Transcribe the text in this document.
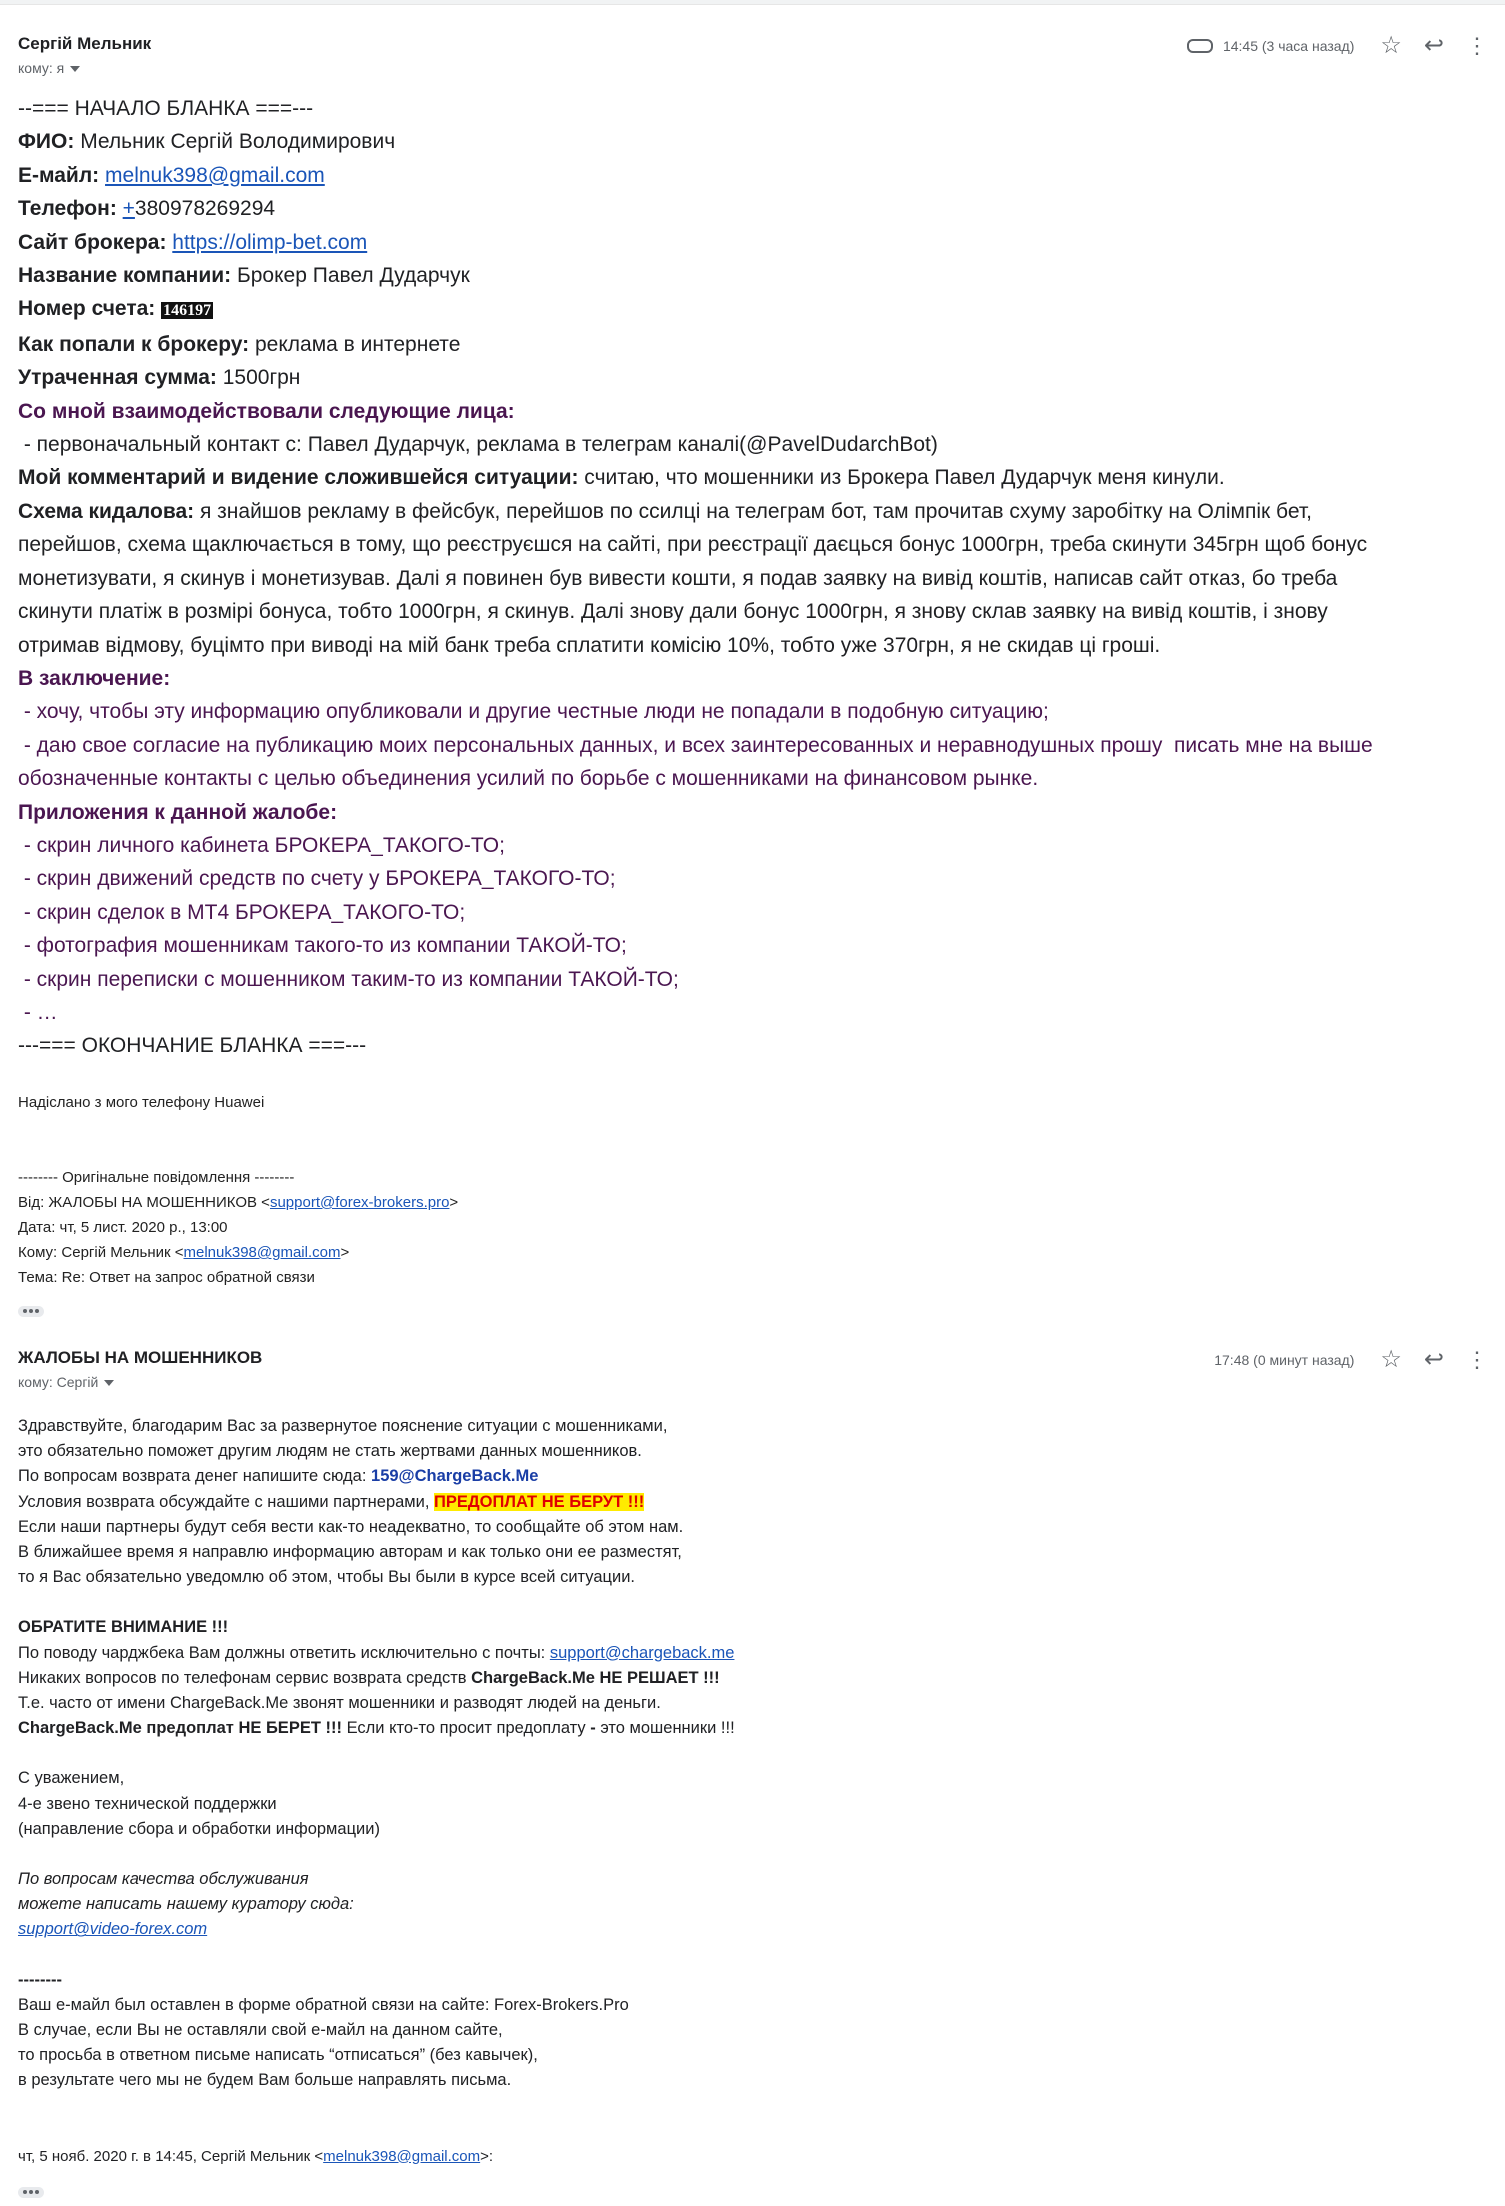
Сергій Мельник
кому: я
14:45 (3 часа назад) ☆ ↩ ⋮
--=== НАЧАЛО БЛАНКА ===---
ФИО: Мельник Сергій Володимирович
Е-майл: melnuk398@gmail.com
Телефон: +380978269294
Сайт брокера: https://olimp-bet.com
Название компании: Брокер Павел Дударчук
Номер счета: 146197
Как попали к брокеру: реклама в интернете
Утраченная сумма: 1500грн
Со мной взаимодействовали следующие лица:
- первоначальный контакт с: Павел Дударчук, реклама в телеграм каналі(@PavelDudarchBot)
Мой комментарий и видение сложившейся ситуации: считаю, что мошенники из Брокера Павел Дударчук меня кинули.
Схема кидалова: я знайшов рекламу в фейсбук, перейшов по ссилці на телеграм бот, там прочитав схуму заробітку на Олімпік бет,
перейшов, схема щаключається в тому, що реєструєшся на сайті, при реєстрації даєцься бонус 1000грн, треба скинути 345грн щоб бонус
монетизувати, я скинув і монетизував. Далі я повинен був вивести кошти, я подав заявку на вивід коштів, написав сайт отказ, бо треба
скинути платіж в розмірі бонуса, тобто 1000грн, я скинув. Далі знову дали бонус 1000грн, я знову склав заявку на вивід коштів, і знову
отримав відмову, буцімто при виводі на мій банк треба сплатити комісію 10%, тобто уже 370грн, я не скидав ці гроші.
В заключение:
- хочу, чтобы эту информацию опубликовали и другие честные люди не попадали в подобную ситуацию;
- даю свое согласие на публикацию моих персональных данных, и всех заинтересованных и неравнодушных прошу  писать мне на выше
обозначенные контакты с целью объединения усилий по борьбе с мошенниками на финансовом рынке.
Приложения к данной жалобе:
- скрин личного кабинета БРОКЕРА_ТАКОГО-ТО;
- скрин движений средств по счету у БРОКЕРА_ТАКОГО-ТО;
- скрин сделок в МТ4 БРОКЕРА_ТАКОГО-ТО;
- фотография мошенникам такого-то из компании ТАКОЙ-ТО;
- скрин переписки с мошенником таким-то из компании ТАКОЙ-ТО;
- …
---=== ОКОНЧАНИЕ БЛАНКА ===---
Надіслано з мого телефону Huawei
-------- Оригінальне повідомлення --------
Від: ЖАЛОБЫ НА МОШЕННИКОВ <support@forex-brokers.pro>
Дата: чт, 5 лист. 2020 р., 13:00
Кому: Сергій Мельник <melnuk398@gmail.com>
Тема: Re: Ответ на запрос обратной связи
ЖАЛОБЫ НА МОШЕННИКОВ
кому: Сергій
17:48 (0 минут назад) ☆ ↩ ⋮
Здравствуйте, благодарим Вас за развернутое пояснение ситуации с мошенниками,
это обязательно поможет другим людям не стать жертвами данных мошенников.
По вопросам возврата денег напишите сюда: 159@ChargeBack.Me
Условия возврата обсуждайте с нашими партнерами, ПРЕДОПЛАТ НЕ БЕРУТ !!!
Если наши партнеры будут себя вести как-то неадекватно, то сообщайте об этом нам.
В ближайшее время я направлю информацию авторам и как только они ее разместят,
то я Вас обязательно уведомлю об этом, чтобы Вы были в курсе всей ситуации.
ОБРАТИТЕ ВНИМАНИЕ !!!
По поводу чарджбека Вам должны ответить исключительно с почты: support@chargeback.me
Никаких вопросов по телефонам сервис возврата средств ChargeBack.Me НЕ РЕШАЕТ !!!
Т.е. часто от имени ChargeBack.Me звонят мошенники и разводят людей на деньги.
ChargeBack.Me предоплат НЕ БЕРЕТ !!! Если кто-то просит предоплату - это мошенники !!!
С уважением,
4-е звено технической поддержки
(направление сбора и обработки информации)
По вопросам качества обслуживания
можете написать нашему куратору сюда:
support@video-forex.com
--------
Ваш е-майл был оставлен в форме обратной связи на сайте: Forex-Brokers.Pro
В случае, если Вы не оставляли свой е-майл на данном сайте,
то просьба в ответном письме написать “отписаться” (без кавычек),
в результате чего мы не будем Вам больше направлять письма.
чт, 5 нояб. 2020 г. в 14:45, Сергій Мельник <melnuk398@gmail.com>:
